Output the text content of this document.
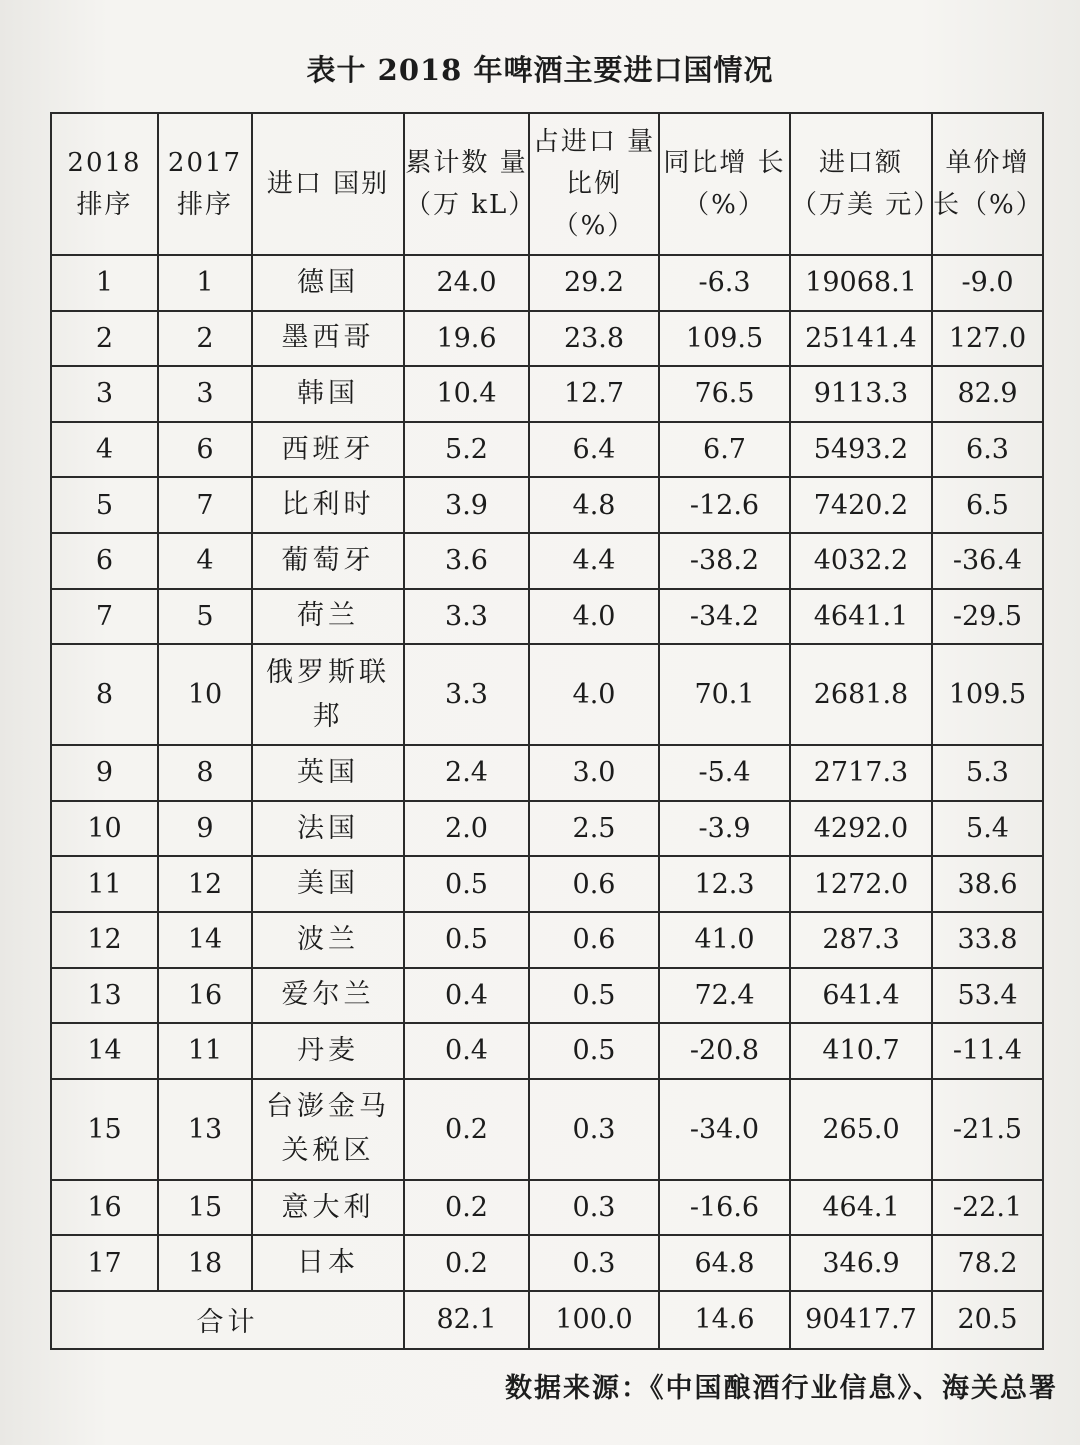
表十 2018 年啤酒主要进口国情况
2018 排序	2017 排序	进口 国别	累计数 量（万 kL）	占进口 量比例 （%）	同比增 长（%）	进口额 （万美 元）	单价增 长（%）
1	1	德国	24.0	29.2	-6.3	19068.1	-9.0
2	2	墨西哥	19.6	23.8	109.5	25141.4	127.0
3	3	韩国	10.4	12.7	76.5	9113.3	82.9
4	6	西班牙	5.2	6.4	6.7	5493.2	6.3
5	7	比利时	3.9	4.8	-12.6	7420.2	6.5
6	4	葡萄牙	3.6	4.4	-38.2	4032.2	-36.4
7	5	荷兰	3.3	4.0	-34.2	4641.1	-29.5
8	10	俄罗斯联邦	3.3	4.0	70.1	2681.8	109.5
9	8	英国	2.4	3.0	-5.4	2717.3	5.3
10	9	法国	2.0	2.5	-3.9	4292.0	5.4
11	12	美国	0.5	0.6	12.3	1272.0	38.6
12	14	波兰	0.5	0.6	41.0	287.3	33.8
13	16	爱尔兰	0.4	0.5	72.4	641.4	53.4
14	11	丹麦	0.4	0.5	-20.8	410.7	-11.4
15	13	台澎金马关税区	0.2	0.3	-34.0	265.0	-21.5
16	15	意大利	0.2	0.3	-16.6	464.1	-22.1
17	18	日本	0.2	0.3	64.8	346.9	78.2
合计			82.1	100.0	14.6	90417.7	20.5
数据来源：《中国酿酒行业信息》、海关总署
